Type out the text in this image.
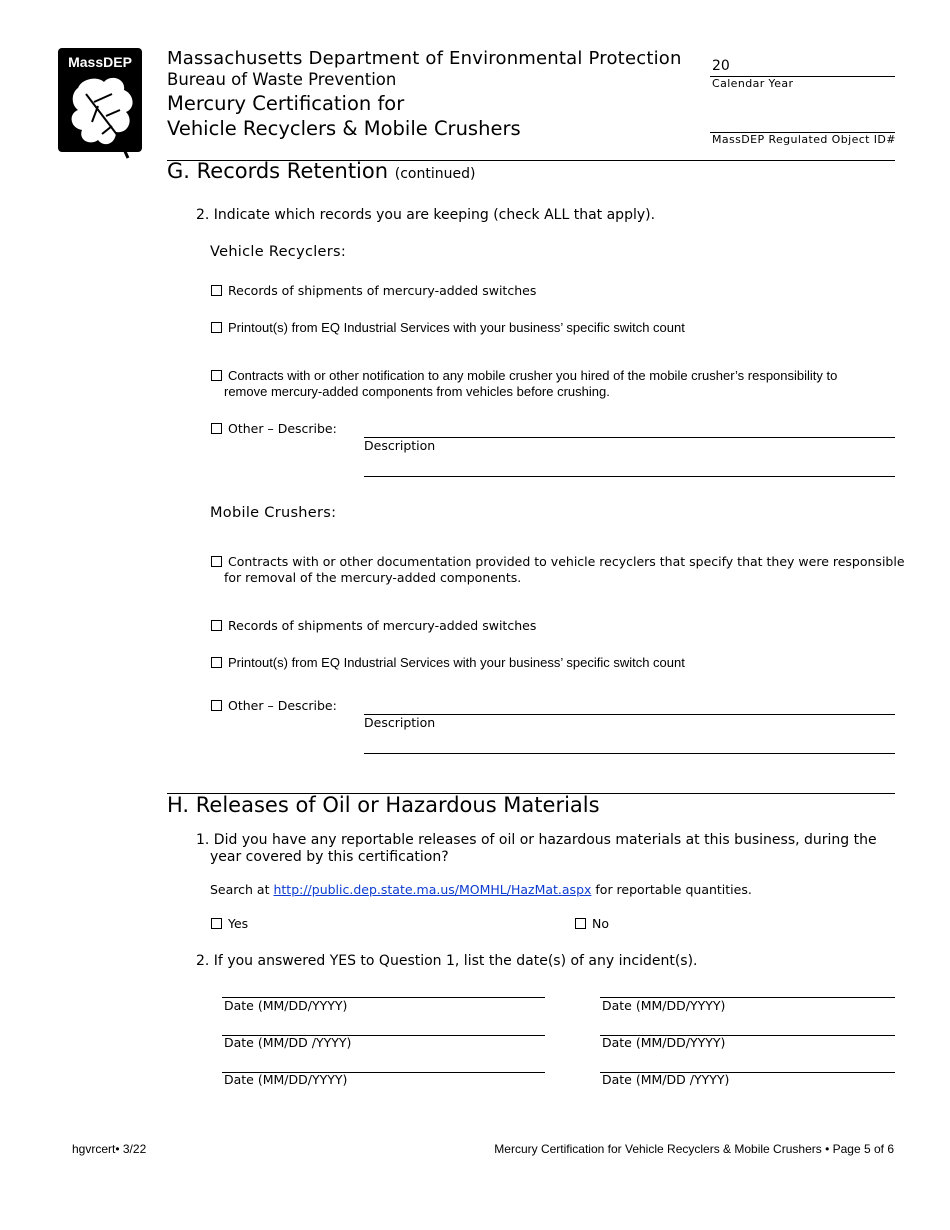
MassDEP Massachusetts Department of Environmental Protection
Bureau of Waste Prevention
Mercury Certification for
Vehicle Recyclers & Mobile Crushers
20
Calendar Year
MassDEP Regulated Object ID#
G. Records Retention (continued)
2. Indicate which records you are keeping (check ALL that apply).
Vehicle Recyclers:
Records of shipments of mercury-added switches
Printout(s) from EQ Industrial Services with your business’ specific switch count
Contracts with or other notification to any mobile crusher you hired of the mobile crusher’s responsibility to
remove mercury-added components from vehicles before crushing.
Other – Describe:
Description
Mobile Crushers:
Contracts with or other documentation provided to vehicle recyclers that specify that they were responsible
for removal of the mercury-added components.
Records of shipments of mercury-added switches
Printout(s) from EQ Industrial Services with your business’ specific switch count
Other – Describe:
Description
H. Releases of Oil or Hazardous Materials
1. Did you have any reportable releases of oil or hazardous materials at this business, during the
year covered by this certification?
Search at http://public.dep.state.ma.us/MOMHL/HazMat.aspx for reportable quantities.
Yes	No
2. If you answered YES to Question 1, list the date(s) of any incident(s).
Date (MM/DD/YYYY)
Date (MM/DD /YYYY)
Date (MM/DD/YYYY)
Date (MM/DD/YYYY)
Date (MM/DD/YYYY)
Date (MM/DD /YYYY)
hgvrcert• 3/22	Mercury Certification for Vehicle Recyclers & Mobile Crushers • Page 5 of 6
